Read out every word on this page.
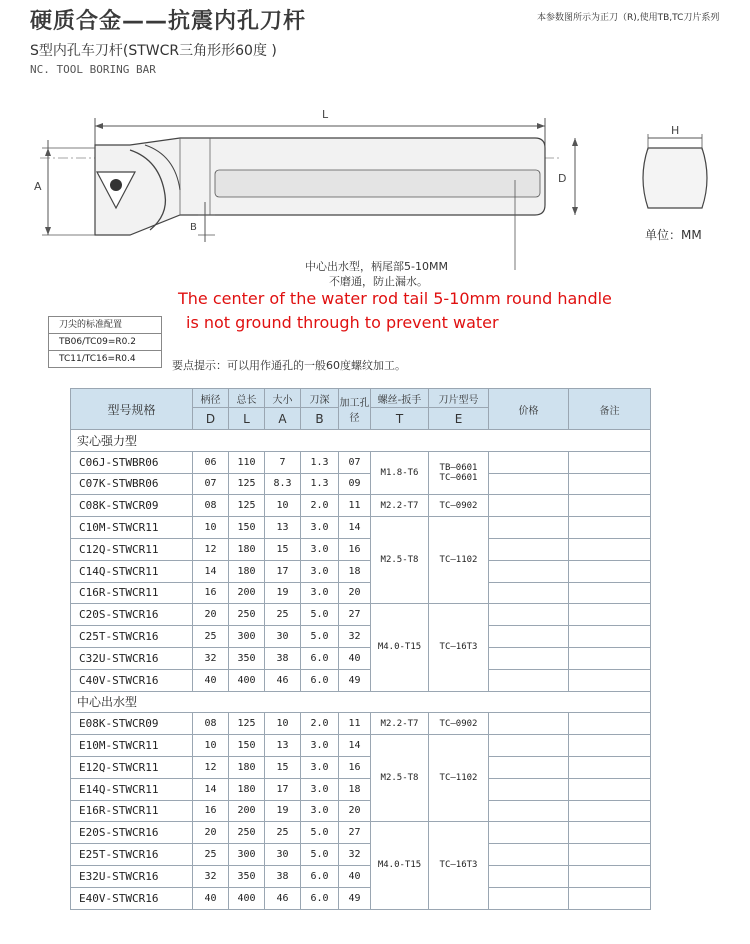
硬质合金——抗震内孔刀杆
S型内孔车刀杆(STWCR三角形形60度 )
NC. TOOL BORING BAR
本参数图所示为正刀（R),使用TB,TC刀片系列
L
A
B
D
H
单位：MM
中心出水型，柄尾部5-10MM
不磨通，防止漏水。
The center of the water rod tail 5-10mm round handle
is not ground through to prevent water
刀尖的标准配置
TB06/TC09=R0.2
TC11/TC16=R0.4	要点提示：可以用作通孔的一般60度螺纹加工。
型号规格	柄径	总长	大小	刀深	加工孔径	螺丝-扳手	刀片型号	价格	备注
	D	L	A	B		T	E		
实心强力型									
C06J-STWBR06	06	110	7	1.3	07	M1.8-T6	TB—0601
TC—0601		

C07K-STWBR06	07	125	8.3	1.3	09				
C08K-STWCR09	08	125	10	2.0	11	M2.2-T7	TC—0902		

C10M-STWCR11	10	150	13	3.0	14	M2.5-T8	TC—1102		

C12Q-STWCR11	12	180	15	3.0	16				
C14Q-STWCR11	14	180	17	3.0	18				
C16R-STWCR11	16	200	19	3.0	20				
C20S-STWCR16	20	250	25	5.0	27	M4.0-T15	TC—16T3		

C25T-STWCR16	25	300	30	5.0	32				
C32U-STWCR16	32	350	38	6.0	40				
C40V-STWCR16	40	400	46	6.0	49				
中心出水型									
E08K-STWCR09	08	125	10	2.0	11	M2.2-T7	TC—0902		

E10M-STWCR11	10	150	13	3.0	14	M2.5-T8	TC—1102		

E12Q-STWCR11	12	180	15	3.0	16				
E14Q-STWCR11	14	180	17	3.0	18				
E16R-STWCR11	16	200	19	3.0	20				
E20S-STWCR16	20	250	25	5.0	27	M4.0-T15	TC—16T3		

E25T-STWCR16	25	300	30	5.0	32				
E32U-STWCR16	32	350	38	6.0	40				
E40V-STWCR16	40	400	46	6.0	49				
